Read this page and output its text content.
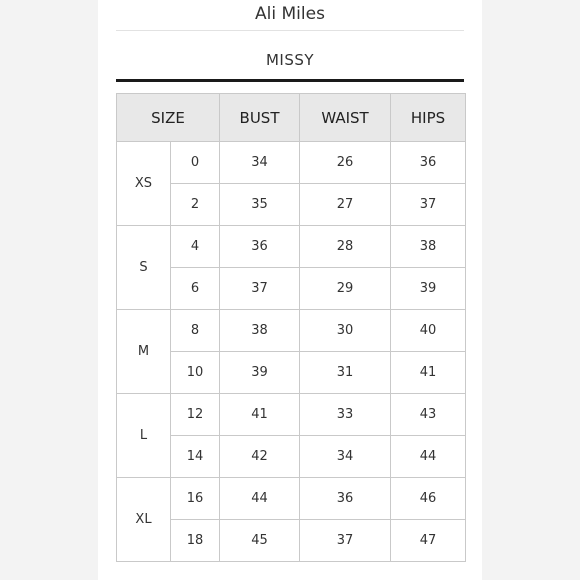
Ali Miles
MISSY
SIZE		BUST	WAIST	HIPS
XS	0	34	26	36
	2	35	27	37
S	4	36	28	38
	6	37	29	39
M	8	38	30	40
	10	39	31	41
L	12	41	33	43
	14	42	34	44
XL	16	44	36	46
	18	45	37	47
